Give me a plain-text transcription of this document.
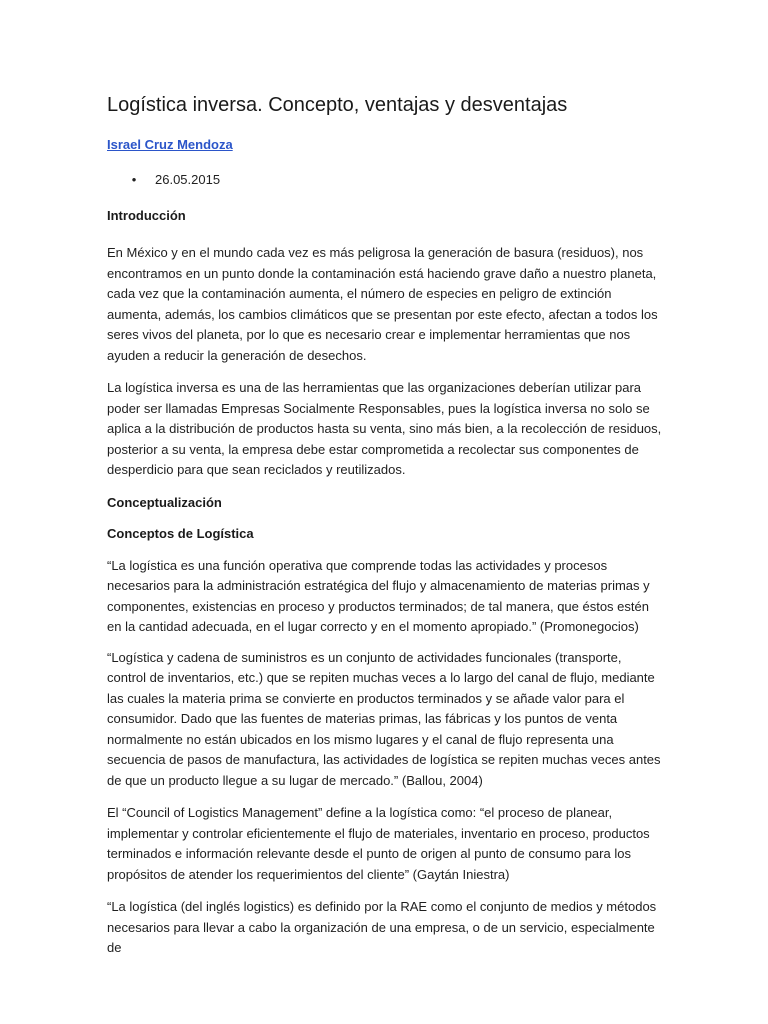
Logística inversa. Concepto, ventajas y desventajas
Israel Cruz Mendoza
• 26.05.2015

Introducción

En México y en el mundo cada vez es más peligrosa la generación de basura (residuos), nos encontramos en un punto donde la contaminación está haciendo grave daño a nuestro planeta, cada vez que la contaminación aumenta, el número de especies en peligro de extinción aumenta, además, los cambios climáticos que se presentan por este efecto, afectan a todos los seres vivos del planeta, por lo que es necesario crear e implementar herramientas que nos ayuden a reducir la generación de desechos.

La logística inversa es una de las herramientas que las organizaciones deberían utilizar para poder ser llamadas Empresas Socialmente Responsables, pues la logística inversa no solo se aplica a la distribución de productos hasta su venta, sino más bien, a la recolección de residuos, posterior a su venta, la empresa debe estar comprometida a recolectar sus componentes de desperdicio para que sean reciclados y reutilizados.

Conceptualización

Conceptos de Logística

“La logística es una función operativa que comprende todas las actividades y procesos necesarios para la administración estratégica del flujo y almacenamiento de materias primas y componentes, existencias en proceso y productos terminados; de tal manera, que éstos estén en la cantidad adecuada, en el lugar correcto y en el momento apropiado.” (Promonegocios)

“Logística y cadena de suministros es un conjunto de actividades funcionales (transporte, control de inventarios, etc.) que se repiten muchas veces a lo largo del canal de flujo, mediante las cuales la materia prima se convierte en productos terminados y se añade valor para el consumidor. Dado que las fuentes de materias primas, las fábricas y los puntos de venta normalmente no están ubicados en los mismo lugares y el canal de flujo representa una secuencia de pasos de manufactura, las actividades de logística se repiten muchas veces antes de que un producto llegue a su lugar de mercado.” (Ballou, 2004)

El “Council of Logistics Management” define a la logística como: “el proceso de planear, implementar y controlar eficientemente el flujo de materiales, inventario en proceso, productos terminados e información relevante desde el punto de origen al punto de consumo para los propósitos de atender los requerimientos del cliente” (Gaytán Iniestra)

“La logística (del inglés logistics) es definido por la RAE como el conjunto de medios y métodos necesarios para llevar a cabo la organización de una empresa, o de un servicio, especialmente de
